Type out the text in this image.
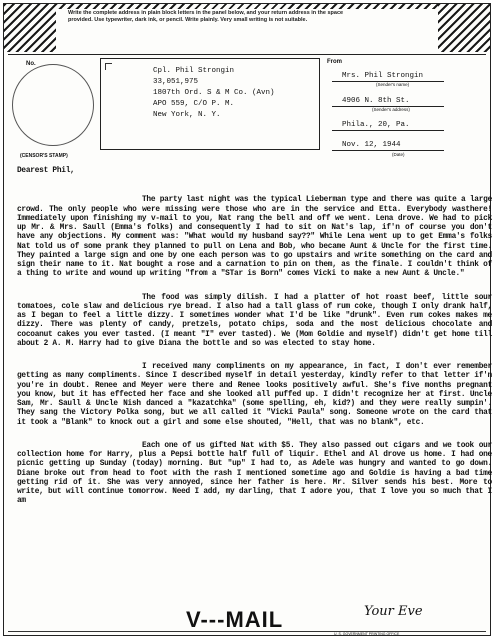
Write the complete address in plain block letters in the panel below, and your return address in the space
provided. Use typewriter, dark ink, or pencil. Write plainly. Very small writing is not suitable.
No.
(CENSOR'S STAMP)
Cpl. Phil Strongin
33,051,975
1807th Ord. S & M Co. (Avn)
APO 559, C/O P. M.
New York, N. Y.
From
Mrs. Phil Strongin
(Sender's name)
4906 N. 8th St.
(Sender's address)
Phila., 20, Pa.
Nov. 12, 1944
(Date)

Dearest Phil,

The party last night was the typical Lieberman type and there was quite a large crowd. The only people who were missing were those who are in the service and Etta. Everybody wasthere! Immediately upon finishing my v-mail to you, Nat rang the bell and off we went. Lena drove. We had to pick up Mr. & Mrs. Saull (Emma's folks) and consequently I had to sit on Nat's lap, if'n of course you don't have any objections. My comment was: "What would my husband say??" While Lena went up to get Emma's folks Nat told us of some prank they planned to pull on Lena and Bob, who became Aunt & Uncle for the first time. They painted a large sign and one by one each person was to go upstairs and write something on the card and sign their name to it. Nat bought a rose and a carnation to pin on them, as the finale. I couldn't think of a thing to write and wound up writing "from a "STar is Born" comes Vicki to make a new Aunt & Uncle."

The food was simply dilish. I had a platter of hot roast beef, little sour tomatoes, cole slaw and delicious rye bread. I also had a tall glass of rum coke, though I only drank half, as I began to feel a little dizzy. I sometimes wonder what I'd be like "drunk". Even rum cokes makes me dizzy. There was plenty of candy, pretzels, potato chips, soda and the most delicious chocolate and cocoanut cakes you ever tasted. (I meant "I" ever tasted). We (Mom Goldie and myself) didn't get home till about 2 A. M. Harry had to give Diana the bottle and so was elected to stay home.

I received many compliments on my appearance, in fact, I don't ever remember getting as many compliments. Since I described myself in detail yesterday, kindly refer to that letter if'n you're in doubt. Renee and Meyer were there and Renee looks positively awful. She's five months pregnant you know, but it has effected her face and she looked all puffed up. I didn't recognize her at first. Uncle Sam, Mr. Saull & Uncle Nish danced a "kazatchka" (some spelling, eh, kid?) and they were really sumpin'. They sang the Victory Polka song, but we all called it "Vicki Paula" song. Someone wrote on the card that it took a "Blank" to knock out a girl and some else shouted, "Hell, that was no blank", etc.

Each one of us gifted Nat with $5. They also passed out cigars and we took our collection home for Harry, plus a Pepsi bottle half full of liquir. Ethel and Al drove us home. I had one picnic getting up Sunday (today) morning. But "up" I had to, as Adele was hungry and wanted to go down. Diane broke out from head to foot with the rash I mentioned sometime ago and Goldie is having a bad time getting rid of it. She was very annoyed, since her father is here. Mr. Silver sends his best. More to write, but will continue tomorrow. Need I add, my darling, that I adore you, that I love you so much that I am

Your Eve
V---MAIL
U. S. GOVERNMENT PRINTING OFFICE
